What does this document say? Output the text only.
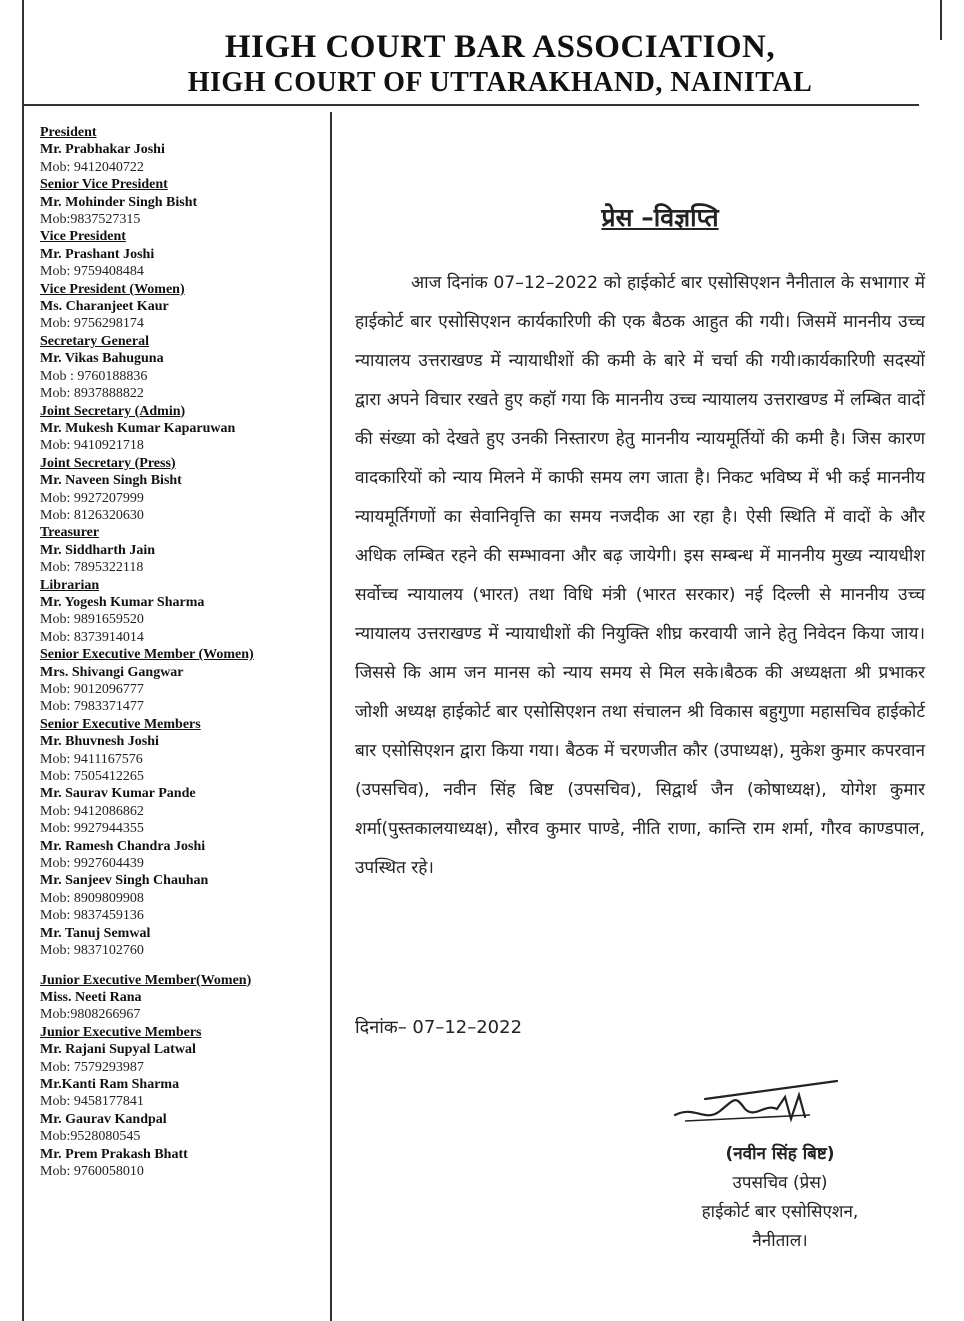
HIGH COURT BAR ASSOCIATION,
HIGH COURT OF UTTARAKHAND, NAINITAL
President
Mr. Prabhakar Joshi
Mob: 9412040722
Senior Vice President
Mr. Mohinder Singh Bisht
Mob:9837527315
Vice President
Mr. Prashant Joshi
Mob: 9759408484
Vice President (Women)
Ms. Charanjeet Kaur
Mob: 9756298174
Secretary General
Mr. Vikas Bahuguna
Mob : 9760188836
Mob: 8937888822
Joint Secretary (Admin)
Mr. Mukesh Kumar Kaparuwan
Mob: 9410921718
Joint Secretary (Press)
Mr. Naveen Singh Bisht
Mob: 9927207999
Mob: 8126320630
Treasurer
Mr. Siddharth Jain
Mob: 7895322118
Librarian
Mr. Yogesh Kumar Sharma
Mob: 9891659520
Mob: 8373914014
Senior Executive Member (Women)
Mrs. Shivangi Gangwar
Mob: 9012096777
Mob: 7983371477
Senior Executive Members
Mr. Bhuvnesh Joshi
Mob: 9411167576
Mob: 7505412265
Mr. Saurav Kumar Pande
Mob: 9412086862
Mob: 9927944355
Mr. Ramesh Chandra Joshi
Mob: 9927604439
Mr. Sanjeev Singh Chauhan
Mob: 8909809908
Mob: 9837459136
Mr. Tanuj Semwal
Mob: 9837102760
Junior Executive Member(Women)
Miss. Neeti Rana
Mob:9808266967
Junior Executive Members
Mr. Rajani Supyal Latwal
Mob: 7579293987
Mr.Kanti Ram Sharma
Mob: 9458177841
Mr. Gaurav Kandpal
Mob:9528080545
Mr. Prem Prakash Bhatt
Mob: 9760058010
प्रेस –विज्ञप्ति

आज दिनांक 07–12–2022 को हाईकोर्ट बार एसोसिएशन नैनीताल के सभागार में हाईकोर्ट बार एसोसिएशन कार्यकारिणी की एक बैठक आहुत की गयी। जिसमें माननीय उच्च न्यायालय उत्तराखण्ड में न्यायाधीशों की कमी के बारे में चर्चा की गयी।कार्यकारिणी सदस्यों द्वारा अपने विचार रखते हुए कहॉ गया कि माननीय उच्च न्यायालय उत्तराखण्ड में लम्बित वादों की संख्या को देखते हुए उनकी निस्तारण हेतु माननीय न्यायमूर्तियों की कमी है। जिस कारण वादकारियों को न्याय मिलने में काफी समय लग जाता है। निकट भविष्य में भी कई माननीय न्यायमूर्तिगणों का सेवानिवृत्ति का समय नजदीक आ रहा है। ऐसी स्थिति में वादों के और अधिक लम्बित रहने की सम्भावना और बढ़ जायेगी। इस सम्बन्ध में माननीय मुख्य न्यायधीश सर्वोच्च न्यायालय (भारत) तथा विधि मंत्री (भारत सरकार) नई दिल्ली से माननीय उच्च न्यायालय उत्तराखण्ड में न्यायाधीशों की नियुक्ति शीघ्र करवायी जाने हेतु निवेदन किया जाय। जिससे कि आम जन मानस को न्याय समय से मिल सके।बैठक की अध्यक्षता श्री प्रभाकर जोशी अध्यक्ष हाईकोर्ट बार एसोसिएशन तथा संचालन श्री विकास बहुगुणा महासचिव हाईकोर्ट बार एसोसिएशन द्वारा किया गया। बैठक में चरणजीत कौर (उपाध्यक्ष), मुकेश कुमार कपरवान (उपसचिव), नवीन सिंह बिष्ट (उपसचिव), सिद्वार्थ जैन (कोषाध्यक्ष), योगेश कुमार शर्मा(पुस्तकालयाध्यक्ष), सौरव कुमार पाण्डे, नीति राणा, कान्ति राम शर्मा, गौरव काण्डपाल, उपस्थित रहे।

दिनांक– 07–12–2022
(नवीन सिंह बिष्ट)
उपसचिव (प्रेस)
हाईकोर्ट बार एसोसिएशन,
नैनीताल।
